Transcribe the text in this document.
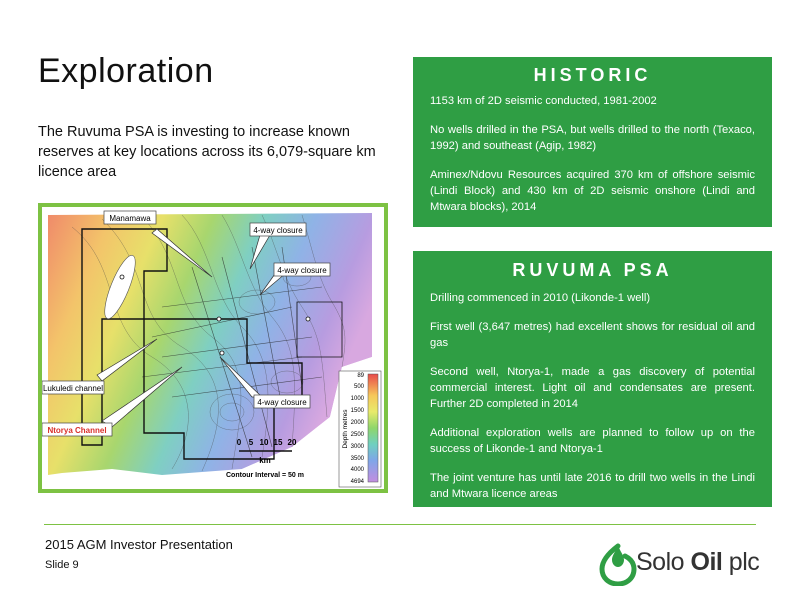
Exploration
The Ruvuma PSA is investing to increase known reserves at key locations across its 6,079-square km licence area
HISTORIC

1153 km of 2D seismic conducted, 1981-2002

No wells drilled in the PSA, but wells drilled to the north (Texaco, 1992) and southeast (Agip, 1982)

Aminex/Ndovu Resources acquired 370 km of offshore seismic (Lindi Block) and 430 km of 2D seismic onshore (Lindi and Mtwara blocks), 2014

RUVUMA PSA

Drilling commenced in 2010 (Likonde-1 well)

First well (3,647 metres) had excellent shows for residual oil and gas

Second well, Ntorya-1, made a gas discovery of potential commercial interest. Light oil and condensates are present. Further 2D completed in 2014

Additional exploration wells are planned to follow up on the success of Likonde-1 and Ntorya-1

The joint venture has until late 2016 to drill two wells in the Lindi and Mtwara licence areas

Manamawa
4-way closure
4-way closure
4-way closure
Lukuledi channel
Ntorya Channel
0 5 10 15 20
km
Contour Interval = 50 m
Depth metres
89
500
1000
1500
2000
2500
3000
3500
4000
4694
2015 AGM Investor Presentation
Slide 9	Solo Oil plc
